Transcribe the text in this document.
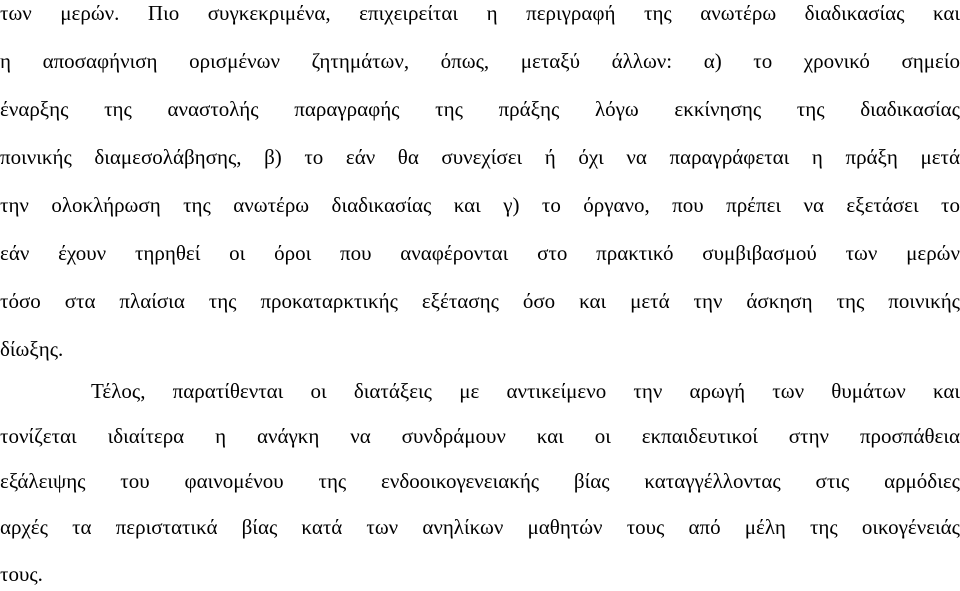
των μερών. Πιο συγκεκριμένα, επιχειρείται η περιγραφή της ανωτέρω διαδικασίας και
η αποσαφήνιση ορισμένων ζητημάτων, όπως, μεταξύ άλλων: α) το χρονικό σημείο
έναρξης της αναστολής παραγραφής της πράξης λόγω εκκίνησης της διαδικασίας
ποινικής διαμεσολάβησης, β) το εάν θα συνεχίσει ή όχι να παραγράφεται η πράξη μετά
την ολοκλήρωση της ανωτέρω διαδικασίας και γ) το όργανο, που πρέπει να εξετάσει το
εάν έχουν τηρηθεί οι όροι που αναφέρονται στο πρακτικό συμβιβασμού των μερών
τόσο στα πλαίσια της προκαταρκτικής εξέτασης όσο και μετά την άσκηση της ποινικής
δίωξης.
Τέλος, παρατίθενται οι διατάξεις με αντικείμενο την αρωγή των θυμάτων και
τονίζεται ιδιαίτερα η ανάγκη να συνδράμουν και οι εκπαιδευτικοί στην προσπάθεια
εξάλειψης του φαινομένου της ενδοοικογενειακής βίας καταγγέλλοντας στις αρμόδιες
αρχές τα περιστατικά βίας κατά των ανηλίκων μαθητών τους από μέλη της οικογένειάς
τους.
